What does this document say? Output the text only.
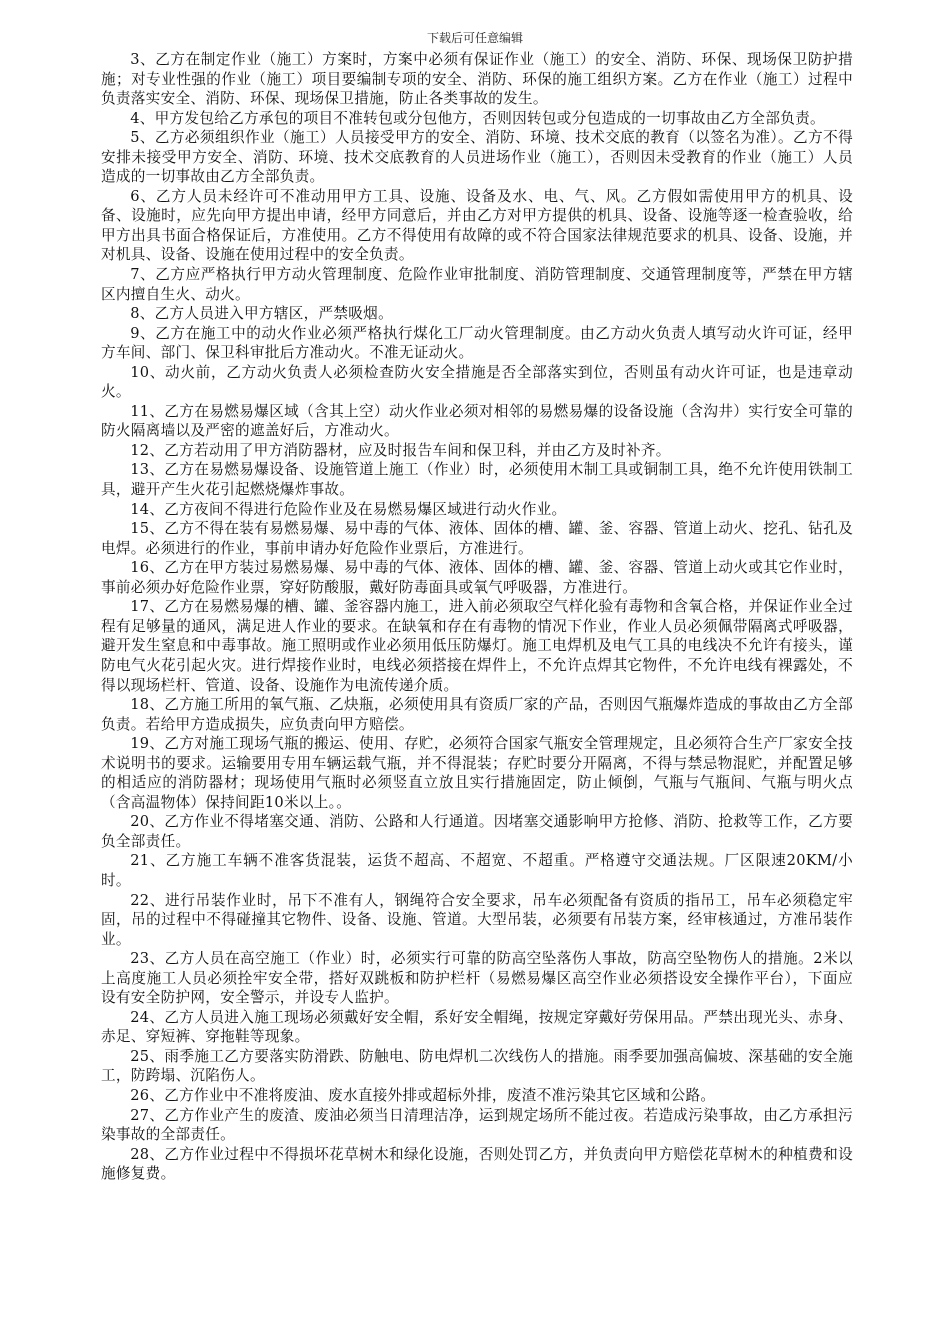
下载后可任意编辑

3、乙方在制定作业（施工）方案时，方案中必须有保证作业（施工）的安全、消防、环保、现场保卫防护措施；对专业性强的作业（施工）项目要编制专项的安全、消防、环保的施工组织方案。乙方在作业（施工）过程中负责落实安全、消防、环保、现场保卫措施，防止各类事故的发生。

4、甲方发包给乙方承包的项目不准转包或分包他方，否则因转包或分包造成的一切事故由乙方全部负责。

5、乙方必须组织作业（施工）人员接受甲方的安全、消防、环境、技术交底的教育（以签名为准）。乙方不得安排未接受甲方安全、消防、环境、技术交底教育的人员进场作业（施工），否则因未受教育的作业（施工）人员造成的一切事故由乙方全部负责。

6、乙方人员未经许可不准动用甲方工具、设施、设备及水、电、气、风。乙方假如需使用甲方的机具、设备、设施时，应先向甲方提出申请，经甲方同意后，并由乙方对甲方提供的机具、设备、设施等逐一检查验收，给甲方出具书面合格保证后，方准使用。乙方不得使用有故障的或不符合国家法律规范要求的机具、设备、设施，并对机具、设备、设施在使用过程中的安全负责。

7、乙方应严格执行甲方动火管理制度、危险作业审批制度、消防管理制度、交通管理制度等，严禁在甲方辖区内擅自生火、动火。

8、乙方人员进入甲方辖区，严禁吸烟。

9、乙方在施工中的动火作业必须严格执行煤化工厂动火管理制度。由乙方动火负责人填写动火许可证，经甲方车间、部门、保卫科审批后方准动火。不准无证动火。

10、动火前，乙方动火负责人必须检查防火安全措施是否全部落实到位，否则虽有动火许可证，也是违章动火。

11、乙方在易燃易爆区域（含其上空）动火作业必须对相邻的易燃易爆的设备设施（含沟井）实行安全可靠的防火隔离墙以及严密的遮盖好后，方准动火。

12、乙方若动用了甲方消防器材，应及时报告车间和保卫科，并由乙方及时补齐。

13、乙方在易燃易爆设备、设施管道上施工（作业）时，必须使用木制工具或铜制工具，绝不允许使用铁制工具，避开产生火花引起燃烧爆炸事故。

14、乙方夜间不得进行危险作业及在易燃易爆区域进行动火作业。

15、乙方不得在装有易燃易爆、易中毒的气体、液体、固体的槽、罐、釜、容器、管道上动火、挖孔、钻孔及电焊。必须进行的作业，事前申请办好危险作业票后，方准进行。

16、乙方在甲方装过易燃易爆、易中毒的气体、液体、固体的槽、罐、釜、容器、管道上动火或其它作业时，事前必须办好危险作业票，穿好防酸服，戴好防毒面具或氧气呼吸器，方准进行。

17、乙方在易燃易爆的槽、罐、釜容器内施工，进入前必须取空气样化验有毒物和含氧合格，并保证作业全过程有足够量的通风，满足进人作业的要求。在缺氧和存在有毒物的情况下作业，作业人员必须佩带隔离式呼吸器，避开发生窒息和中毒事故。施工照明或作业必须用低压防爆灯。施工电焊机及电气工具的电线决不允许有接头，谨防电气火花引起火灾。进行焊接作业时，电线必须搭接在焊件上，不允许点焊其它物件，不允许电线有裸露处，不得以现场栏杆、管道、设备、设施作为电流传递介质。

18、乙方施工所用的氧气瓶、乙炔瓶，必须使用具有资质厂家的产品，否则因气瓶爆炸造成的事故由乙方全部负责。若给甲方造成损失，应负责向甲方赔偿。

19、乙方对施工现场气瓶的搬运、使用、存贮，必须符合国家气瓶安全管理规定，且必须符合生产厂家安全技术说明书的要求。运输要用专用车辆运载气瓶，并不得混装；存贮时要分开隔离，不得与禁忌物混贮，并配置足够的相适应的消防器材；现场使用气瓶时必须竖直立放且实行措施固定，防止倾倒，气瓶与气瓶间、气瓶与明火点（含高温物体）保持间距10米以上。。

20、乙方作业不得堵塞交通、消防、公路和人行通道。因堵塞交通影响甲方抢修、消防、抢救等工作，乙方要负全部责任。

21、乙方施工车辆不准客货混装，运货不超高、不超宽、不超重。严格遵守交通法规。厂区限速20KM/小时。

22、进行吊装作业时，吊下不准有人，钢绳符合安全要求，吊车必须配备有资质的指吊工，吊车必须稳定牢固，吊的过程中不得碰撞其它物件、设备、设施、管道。大型吊装，必须要有吊装方案，经审核通过，方准吊装作业。

23、乙方人员在高空施工（作业）时，必须实行可靠的防高空坠落伤人事故，防高空坠物伤人的措施。2米以上高度施工人员必须拴牢安全带，搭好双跳板和防护栏杆（易燃易爆区高空作业必须搭设安全操作平台），下面应设有安全防护网，安全警示，并设专人监护。

24、乙方人员进入施工现场必须戴好安全帽，系好安全帽绳，按规定穿戴好劳保用品。严禁出现光头、赤身、赤足、穿短裤、穿拖鞋等现象。

25、雨季施工乙方要落实防滑跌、防触电、防电焊机二次线伤人的措施。雨季要加强高偏坡、深基础的安全施工，防跨塌、沉陷伤人。

26、乙方作业中不准将废油、废水直接外排或超标外排，废渣不准污染其它区域和公路。

27、乙方作业产生的废渣、废油必须当日清理洁净，运到规定场所不能过夜。若造成污染事故，由乙方承担污染事故的全部责任。

28、乙方作业过程中不得损坏花草树木和绿化设施，否则处罚乙方，并负责向甲方赔偿花草树木的种植费和设施修复费。
